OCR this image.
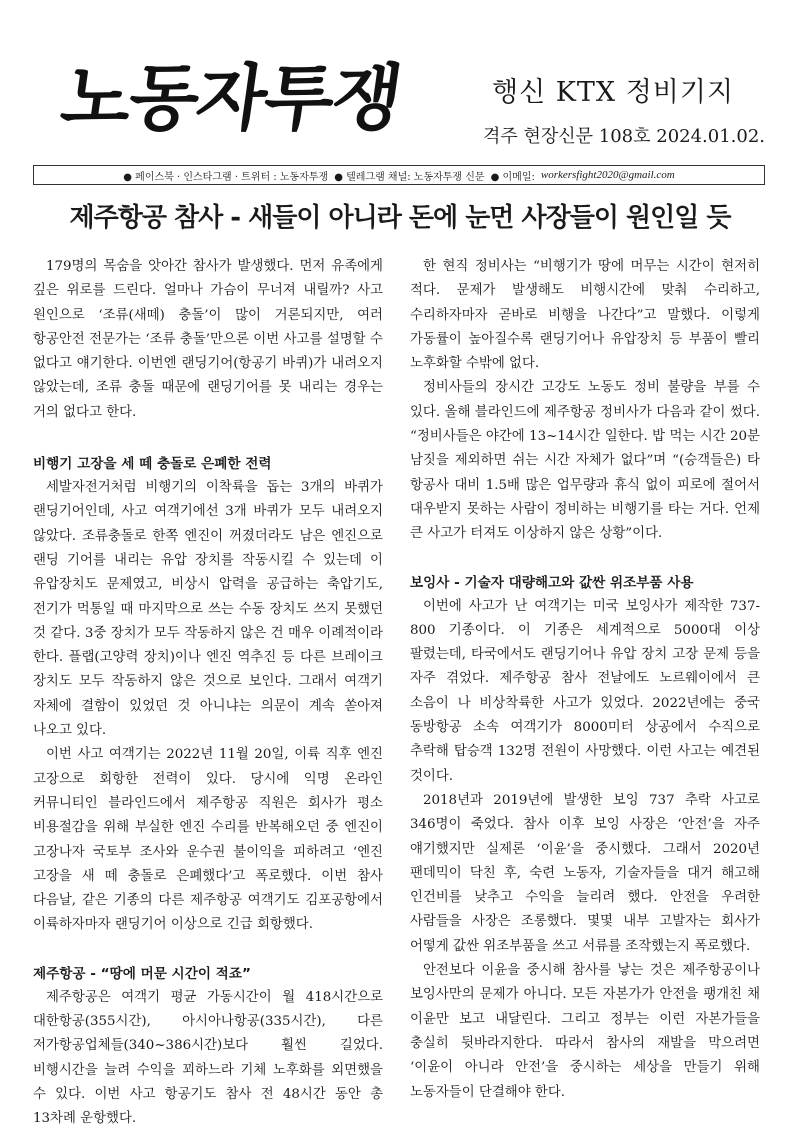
노동자투쟁	행신 KTX 정비기지
격주 현장신문 108호 2024.01.02.
● 페이스북 · 인스타그램 · 트위터 : 노동자투쟁 ● 텔레그램 채널: 노동자투쟁 신문 ● 이메일: workersfight2020@gmail.com
제주항공 참사 - 새들이 아니라 돈에 눈먼 사장들이 원인일 듯

179명의 목숨을 앗아간 참사가 발생했다. 먼저 유족에게 깊은 위로를 드린다. 얼마나 가슴이 무너져 내릴까? 사고 원인으로 ‘조류(새떼) 충돌’이 많이 거론되지만, 여러 항공안전 전문가는 ‘조류 충돌’만으론 이번 사고를 설명할 수 없다고 얘기한다. 이번엔 랜딩기어(항공기 바퀴)가 내려오지 않았는데, 조류 충돌 때문에 랜딩기어를 못 내리는 경우는 거의 없다고 한다.

비행기 고장을 세 떼 충돌로 은폐한 전력

세발자전거처럼 비행기의 이착륙을 돕는 3개의 바퀴가 랜딩기어인데, 사고 여객기에선 3개 바퀴가 모두 내려오지 않았다. 조류충돌로 한쪽 엔진이 꺼졌더라도 남은 엔진으로 랜딩 기어를 내리는 유압 장치를 작동시킬 수 있는데 이 유압장치도 문제였고, 비상시 압력을 공급하는 축압기도, 전기가 먹통일 때 마지막으로 쓰는 수동 장치도 쓰지 못했던 것 같다. 3중 장치가 모두 작동하지 않은 건 매우 이례적이라 한다. 플랩(고양력 장치)이나 엔진 역추진 등 다른 브레이크 장치도 모두 작동하지 않은 것으로 보인다. 그래서 여객기 자체에 결함이 있었던 것 아니냐는 의문이 계속 쏟아져 나오고 있다.

이번 사고 여객기는 2022년 11월 20일, 이륙 직후 엔진 고장으로 회항한 전력이 있다. 당시에 익명 온라인 커뮤니티인 블라인드에서 제주항공 직원은 회사가 평소 비용절감을 위해 부실한 엔진 수리를 반복해오던 중 엔진이 고장나자 국토부 조사와 운수권 불이익을 피하려고 ‘엔진 고장을 새 떼 충돌로 은폐했다’고 폭로했다. 이번 참사 다음날, 같은 기종의 다른 제주항공 여객기도 김포공항에서 이륙하자마자 랜딩기어 이상으로 긴급 회항했다.

제주항공 - “땅에 머문 시간이 적죠”

제주항공은 여객기 평균 가동시간이 월 418시간으로 대한항공(355시간), 아시아나항공(335시간), 다른 저가항공업체들(340~386시간)보다 훨씬 길었다. 비행시간을 늘려 수익을 꾀하느라 기체 노후화를 외면했을 수 있다. 이번 사고 항공기도 참사 전 48시간 동안 총 13차례 운항했다.

한 현직 정비사는 “비행기가 땅에 머무는 시간이 현저히 적다. 문제가 발생해도 비행시간에 맞춰 수리하고, 수리하자마자 곧바로 비행을 나간다”고 말했다. 이렇게 가동률이 높아질수록 랜딩기어나 유압장치 등 부품이 빨리 노후화할 수밖에 없다.

정비사들의 장시간 고강도 노동도 정비 불량을 부를 수 있다. 올해 블라인드에 제주항공 정비사가 다음과 같이 썼다. “정비사들은 야간에 13~14시간 일한다. 밥 먹는 시간 20분 남짓을 제외하면 쉬는 시간 자체가 없다”며 “(승객들은) 타 항공사 대비 1.5배 많은 업무량과 휴식 없이 피로에 절어서 대우받지 못하는 사람이 정비하는 비행기를 타는 거다. 언제 큰 사고가 터져도 이상하지 않은 상황”이다.

보잉사 - 기술자 대량해고와 값싼 위조부품 사용

이번에 사고가 난 여객기는 미국 보잉사가 제작한 737-800 기종이다. 이 기종은 세계적으로 5000대 이상 팔렸는데, 타국에서도 랜딩기어나 유압 장치 고장 문제 등을 자주 겪었다. 제주항공 참사 전날에도 노르웨이에서 큰 소음이 나 비상착륙한 사고가 있었다. 2022년에는 중국 동방항공 소속 여객기가 8000미터 상공에서 수직으로 추락해 탑승객 132명 전원이 사망했다. 이런 사고는 예견된 것이다.

2018년과 2019년에 발생한 보잉 737 추락 사고로 346명이 죽었다. 참사 이후 보잉 사장은 ‘안전’을 자주 얘기했지만 실제론 ‘이윤’을 중시했다. 그래서 2020년 팬데믹이 닥친 후, 숙련 노동자, 기술자들을 대거 해고해 인건비를 낮추고 수익을 늘리려 했다. 안전을 우려한 사람들을 사장은 조롱했다. 몇몇 내부 고발자는 회사가 어떻게 값싼 위조부품을 쓰고 서류를 조작했는지 폭로했다.

안전보다 이윤을 중시해 참사를 낳는 것은 제주항공이나 보잉사만의 문제가 아니다. 모든 자본가가 안전을 팽개친 채 이윤만 보고 내달린다. 그리고 정부는 이런 자본가들을 충실히 뒷바라지한다. 따라서 참사의 재발을 막으려면 ‘이윤이 아니라 안전’을 중시하는 세상을 만들기 위해 노동자들이 단결해야 한다.
